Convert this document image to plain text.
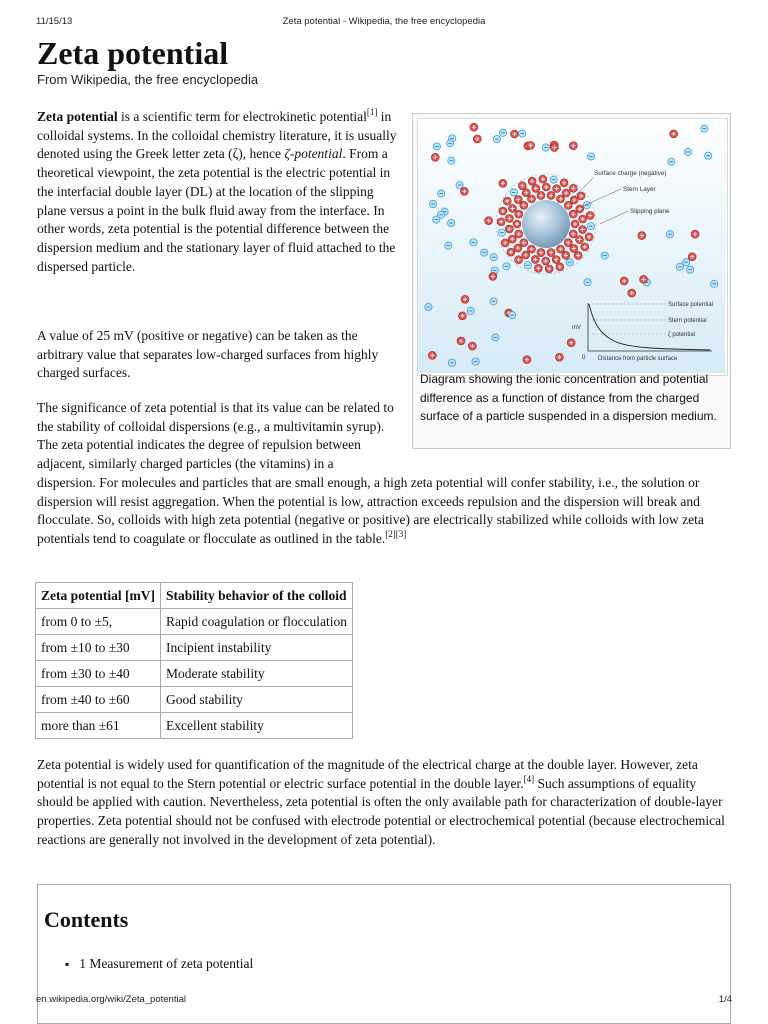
11/15/13	Zeta potential - Wikipedia, the free encyclopedia
Zeta potential
From Wikipedia, the free encyclopedia

Zeta potential is a scientific term for electrokinetic potential[1] in colloidal systems. In the colloidal chemistry literature, it is usually denoted using the Greek letter zeta (ζ), hence ζ-potential. From a theoretical viewpoint, the zeta potential is the electric potential in the interfacial double layer (DL) at the location of the slipping plane versus a point in the bulk fluid away from the interface. In other words, zeta potential is the potential difference between the dispersion medium and the stationary layer of fluid attached to the dispersed particle.

A value of 25 mV (positive or negative) can be taken as the arbitrary value that separates low-charged surfaces from highly charged surfaces.

The significance of zeta potential is that its value can be related to the stability of colloidal dispersions (e.g., a multivitamin syrup). The zeta potential indicates the degree of repulsion between adjacent, similarly charged particles (the vitamins) in a dispersion. For molecules and particles that are small enough, a high zeta potential will confer stability, i.e., the solution or dispersion will resist aggregation. When the potential is low, attraction exceeds repulsion and the dispersion will break and flocculate. So, colloids with high zeta potential (negative or positive) are electrically stabilized while colloids with low zeta potentials tend to coagulate or flocculate as outlined in the table.[2][3]

Surface charge (negative)
Stern Layer
Slipping plane
Surface potential
Stern potential
ζ potential
mV
0 Distance from particle surface
Diagram showing the ionic concentration and potential difference as a function of distance from the charged surface of a particle suspended in a dispersion medium.
Zeta potential [mV]	Stability behavior of the colloid
from 0 to ±5,	Rapid coagulation or flocculation
from ±10 to ±30	Incipient instability
from ±30 to ±40	Moderate stability
from ±40 to ±60	Good stability
more than ±61	Excellent stability

Zeta potential is widely used for quantification of the magnitude of the electrical charge at the double layer. However, zeta potential is not equal to the Stern potential or electric surface potential in the double layer.[4] Such assumptions of equality should be applied with caution. Nevertheless, zeta potential is often the only available path for characterization of double-layer properties. Zeta potential should not be confused with electrode potential or electrochemical potential (because electrochemical reactions are generally not involved in the development of zeta potential).

Contents
▪ 1 Measurement of zeta potential
en.wikipedia.org/wiki/Zeta_potential	1/4
